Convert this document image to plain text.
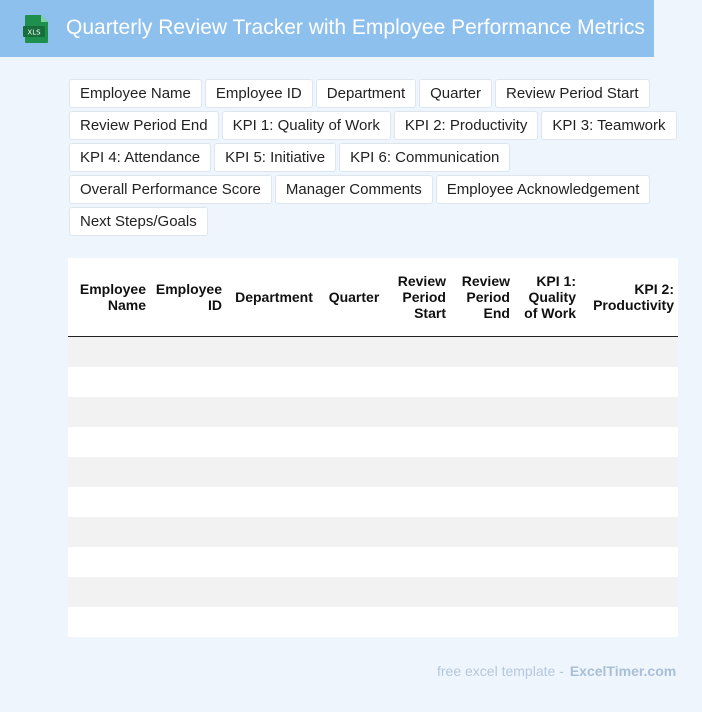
XLS Quarterly Review Tracker with Employee Performance Metrics
Employee Name	Employee ID	Department	Quarter	Review Period Start
Review Period End	KPI 1: Quality of Work	KPI 2: Productivity	KPI 3: Teamwork
KPI 4: Attendance	KPI 5: Initiative	KPI 6: Communication
Overall Performance Score	Manager Comments	Employee Acknowledgement
Next Steps/Goals
Employee Name	Employee ID	Department	Quarter	Review Period Start	Review Period End	KPI 1: Quality of Work	KPI 2: Productivity

free excel template - ExcelTimer.com
